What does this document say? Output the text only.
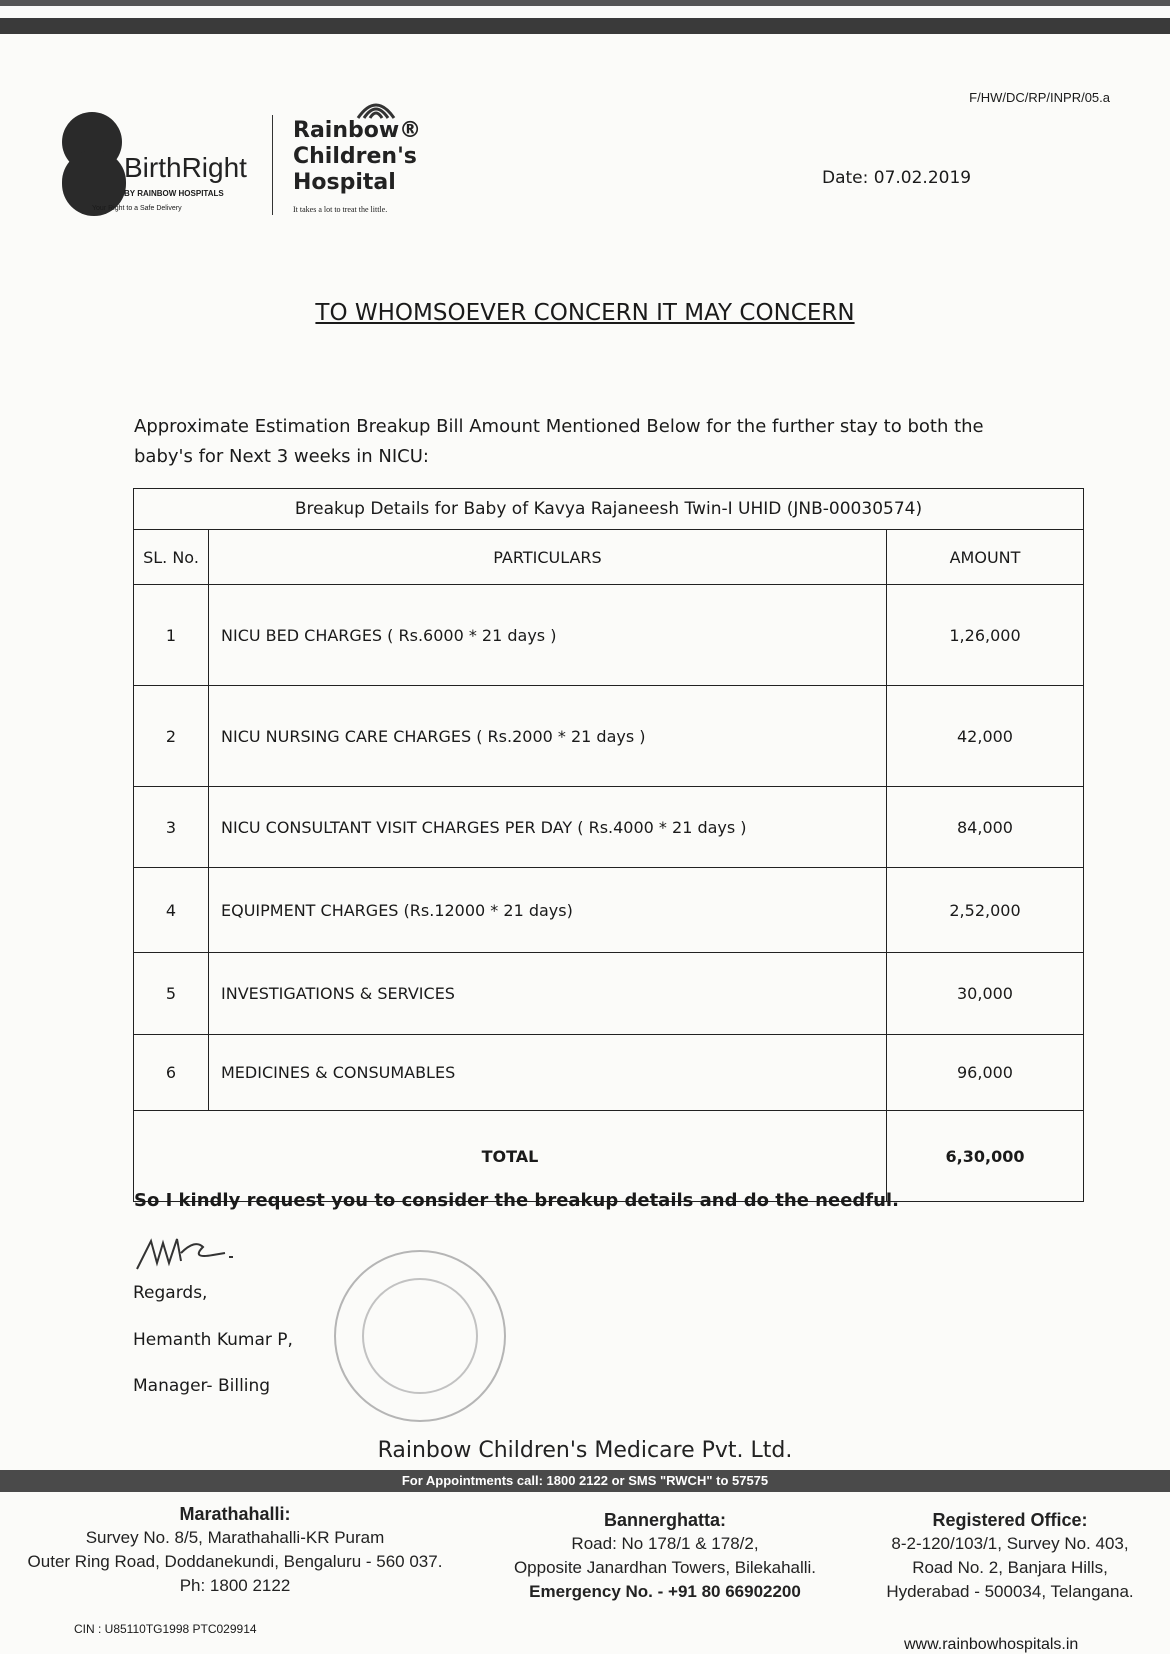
F/HW/DC/RP/INPR/05.a
BirthRight
BY RAINBOW HOSPITALS
Your Right to a Safe Delivery
Rainbow®
Children's
Hospital
It takes a lot to treat the little.
Date: 07.02.2019
TO WHOMSOEVER CONCERN IT MAY CONCERN
Approximate Estimation Breakup Bill Amount Mentioned Below for the further stay to both the baby's for Next 3 weeks in NICU:
Breakup Details for Baby of Kavya Rajaneesh Twin-I UHID (JNB-00030574)		
SL. No.	PARTICULARS	AMOUNT
1	NICU BED CHARGES ( Rs.6000 * 21 days )	1,26,000
2	NICU NURSING CARE CHARGES ( Rs.2000 * 21 days )	42,000
3	NICU CONSULTANT VISIT CHARGES PER DAY ( Rs.4000 * 21 days )	84,000
4	EQUIPMENT CHARGES (Rs.12000 * 21 days)	2,52,000
5	INVESTIGATIONS & SERVICES	30,000
6	MEDICINES & CONSUMABLES	96,000
TOTAL		6,30,000
So I kindly request you to consider the breakup details and do the needful.
Regards,
Hemanth Kumar P,
Manager- Billing
Rainbow Children's Medicare Pvt. Ltd.
For Appointments call: 1800 2122 or SMS "RWCH" to 57575
Marathahalli:
Survey No. 8/5, Marathahalli-KR Puram
Outer Ring Road, Doddanekundi, Bengaluru - 560 037.
Ph: 1800 2122
Bannerghatta:
Road: No 178/1 & 178/2,
Opposite Janardhan Towers, Bilekahalli.
Emergency No. - +91 80 66902200
Registered Office:
8-2-120/103/1, Survey No. 403,
Road No. 2, Banjara Hills,
Hyderabad - 500034, Telangana.
CIN : U85110TG1998 PTC029914
www.rainbowhospitals.in
